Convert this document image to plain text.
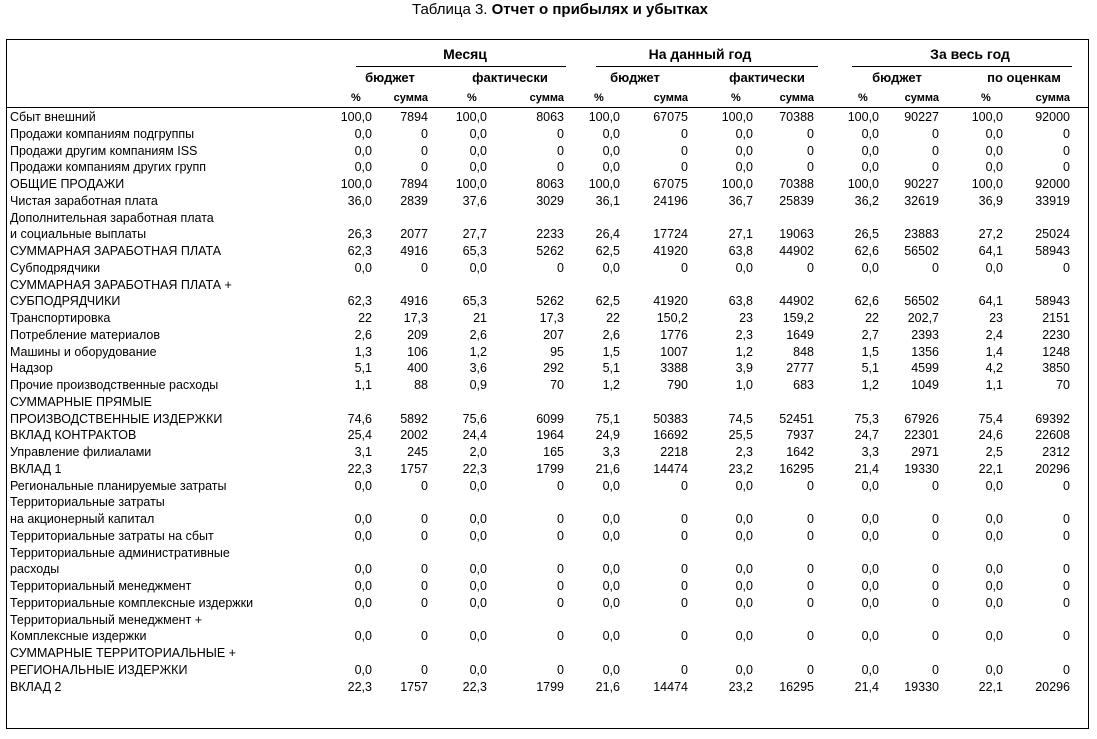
Таблица 3. Отчет о прибылях и убытках
Месяц	На данный год	За весь год
бюджет	фактически	бюджет	фактически	бюджет	по оценкам
%	сумма	%	сумма	%	сумма	%	сумма	%	сумма	%	сумма
Сбыт внешний	100,0	7894	100,0	8063	100,0	67075	100,0	70388	100,0	90227	100,0	92000
Продажи компаниям подгруппы	0,0	0	0,0	0	0,0	0	0,0	0	0,0	0	0,0	0
Продажи другим компаниям ISS	0,0	0	0,0	0	0,0	0	0,0	0	0,0	0	0,0	0
Продажи компаниям других групп	0,0	0	0,0	0	0,0	0	0,0	0	0,0	0	0,0	0
ОБЩИЕ ПРОДАЖИ	100,0	7894	100,0	8063	100,0	67075	100,0	70388	100,0	90227	100,0	92000
Чистая заработная плата	36,0	2839	37,6	3029	36,1	24196	36,7	25839	36,2	32619	36,9	33919
Дополнительная заработная плата
и социальные выплаты	26,3	2077	27,7	2233	26,4	17724	27,1	19063	26,5	23883	27,2	25024
СУММАРНАЯ ЗАРАБОТНАЯ ПЛАТА	62,3	4916	65,3	5262	62,5	41920	63,8	44902	62,6	56502	64,1	58943
Субподрядчики	0,0	0	0,0	0	0,0	0	0,0	0	0,0	0	0,0	0
СУММАРНАЯ ЗАРАБОТНАЯ ПЛАТА +
СУБПОДРЯДЧИКИ	62,3	4916	65,3	5262	62,5	41920	63,8	44902	62,6	56502	64,1	58943
Транспортировка	22	17,3	21	17,3	22	150,2	23	159,2	22	202,7	23	2151
Потребление материалов	2,6	209	2,6	207	2,6	1776	2,3	1649	2,7	2393	2,4	2230
Машины и оборудование	1,3	106	1,2	95	1,5	1007	1,2	848	1,5	1356	1,4	1248
Надзор	5,1	400	3,6	292	5,1	3388	3,9	2777	5,1	4599	4,2	3850
Прочие производственные расходы	1,1	88	0,9	70	1,2	790	1,0	683	1,2	1049	1,1	70
СУММАРНЫЕ ПРЯМЫЕ
ПРОИЗВОДСТВЕННЫЕ ИЗДЕРЖКИ	74,6	5892	75,6	6099	75,1	50383	74,5	52451	75,3	67926	75,4	69392
ВКЛАД КОНТРАКТОВ	25,4	2002	24,4	1964	24,9	16692	25,5	7937	24,7	22301	24,6	22608
Управление филиалами	3,1	245	2,0	165	3,3	2218	2,3	1642	3,3	2971	2,5	2312
ВКЛАД 1	22,3	1757	22,3	1799	21,6	14474	23,2	16295	21,4	19330	22,1	20296
Региональные планируемые затраты	0,0	0	0,0	0	0,0	0	0,0	0	0,0	0	0,0	0
Территориальные затраты
на акционерный капитал	0,0	0	0,0	0	0,0	0	0,0	0	0,0	0	0,0	0
Территориальные затраты на сбыт	0,0	0	0,0	0	0,0	0	0,0	0	0,0	0	0,0	0
Территориальные административные
расходы	0,0	0	0,0	0	0,0	0	0,0	0	0,0	0	0,0	0
Территориальный менеджмент	0,0	0	0,0	0	0,0	0	0,0	0	0,0	0	0,0	0
Территориальные комплексные издержки	0,0	0	0,0	0	0,0	0	0,0	0	0,0	0	0,0	0
Территориальный менеджмент +
Комплексные издержки	0,0	0	0,0	0	0,0	0	0,0	0	0,0	0	0,0	0
СУММАРНЫЕ ТЕРРИТОРИАЛЬНЫЕ +
РЕГИОНАЛЬНЫЕ ИЗДЕРЖКИ	0,0	0	0,0	0	0,0	0	0,0	0	0,0	0	0,0	0
ВКЛАД 2	22,3	1757	22,3	1799	21,6	14474	23,2	16295	21,4	19330	22,1	20296
